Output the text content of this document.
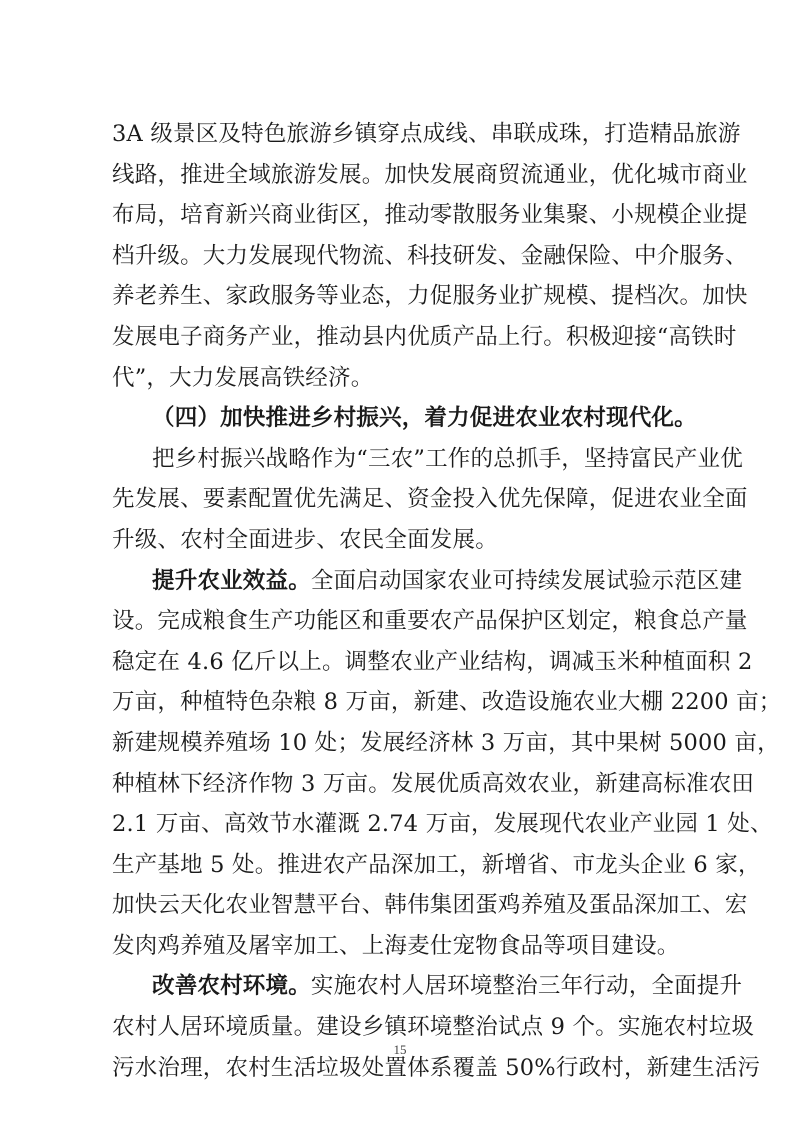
3A 级景区及特色旅游乡镇穿点成线、串联成珠，打造精品旅游
线路，推进全域旅游发展。加快发展商贸流通业，优化城市商业
布局，培育新兴商业街区，推动零散服务业集聚、小规模企业提
档升级。大力发展现代物流、科技研发、金融保险、中介服务、
养老养生、家政服务等业态，力促服务业扩规模、提档次。加快
发展电子商务产业，推动县内优质产品上行。积极迎接“高铁时
代”，大力发展高铁经济。
（四）加快推进乡村振兴，着力促进农业农村现代化。
把乡村振兴战略作为“三农”工作的总抓手，坚持富民产业优
先发展、要素配置优先满足、资金投入优先保障，促进农业全面
升级、农村全面进步、农民全面发展。
提升农业效益。全面启动国家农业可持续发展试验示范区建
设。完成粮食生产功能区和重要农产品保护区划定，粮食总产量
稳定在 4.6 亿斤以上。调整农业产业结构，调减玉米种植面积 2
万亩，种植特色杂粮 8 万亩，新建、改造设施农业大棚 2200 亩；
新建规模养殖场 10 处；发展经济林 3 万亩，其中果树 5000 亩，
种植林下经济作物 3 万亩。发展优质高效农业，新建高标准农田
2.1 万亩、高效节水灌溉 2.74 万亩，发展现代农业产业园 1 处、
生产基地 5 处。推进农产品深加工，新增省、市龙头企业 6 家，
加快云天化农业智慧平台、韩伟集团蛋鸡养殖及蛋品深加工、宏
发肉鸡养殖及屠宰加工、上海麦仕宠物食品等项目建设。
改善农村环境。实施农村人居环境整治三年行动，全面提升
农村人居环境质量。建设乡镇环境整治试点 9 个。实施农村垃圾
污水治理，农村生活垃圾处置体系覆盖 50%行政村，新建生活污
15
